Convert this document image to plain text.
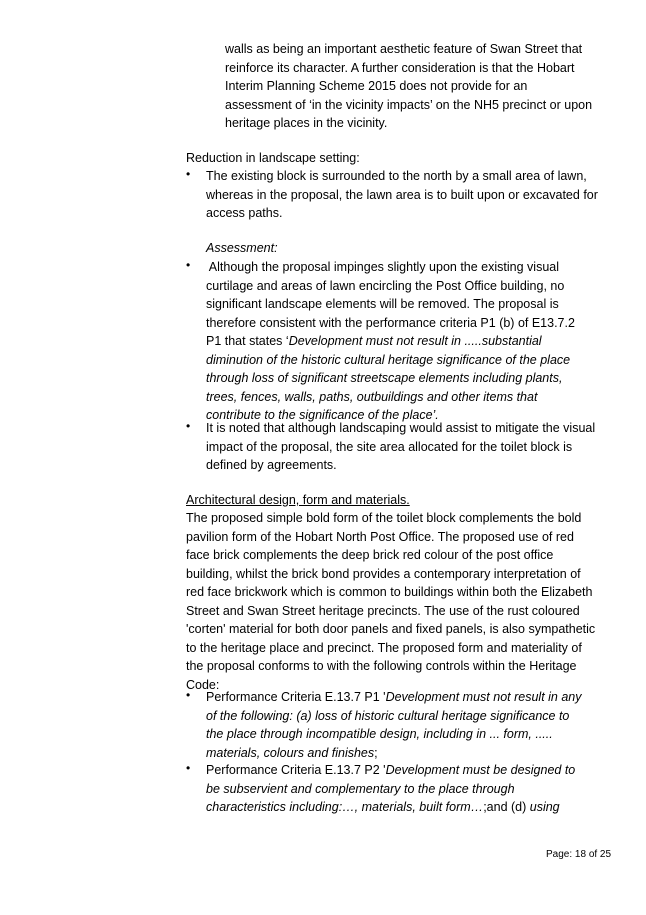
walls as being an important aesthetic feature of Swan Street that
reinforce its character. A further consideration is that the Hobart
Interim Planning Scheme 2015 does not provide for an
assessment of ‘in the vicinity impacts’ on the NH5 precinct or upon
heritage places in the vicinity.
Reduction in landscape setting:
• The existing block is surrounded to the north by a small area of lawn,
whereas in the proposal, the lawn area is to built upon or excavated for
access paths.
Assessment:
• Although the proposal impinges slightly upon the existing visual
curtilage and areas of lawn encircling the Post Office building, no
significant landscape elements will be removed. The proposal is
therefore consistent with the performance criteria P1 (b) of E13.7.2
P1 that states ‘Development must not result in .....substantial
diminution of the historic cultural heritage significance of the place
through loss of significant streetscape elements including plants,
trees, fences, walls, paths, outbuildings and other items that
contribute to the significance of the place’.
• It is noted that although landscaping would assist to mitigate the visual
impact of the proposal, the site area allocated for the toilet block is
defined by agreements.
Architectural design, form and materials.
The proposed simple bold form of the toilet block complements the bold
pavilion form of the Hobart North Post Office. The proposed use of red
face brick complements the deep brick red colour of the post office
building, whilst the brick bond provides a contemporary interpretation of
red face brickwork which is common to buildings within both the Elizabeth
Street and Swan Street heritage precincts. The use of the rust coloured
'corten' material for both door panels and fixed panels, is also sympathetic
to the heritage place and precinct. The proposed form and materiality of
the proposal conforms to with the following controls within the Heritage
Code:
• Performance Criteria E.13.7 P1 'Development must not result in any
of the following: (a) loss of historic cultural heritage significance to
the place through incompatible design, including in ... form, .....
materials, colours and finishes;
• Performance Criteria E.13.7 P2 'Development must be designed to
be subservient and complementary to the place through
characteristics including:…, materials, built form…;and (d) using
Page: 18 of 25
